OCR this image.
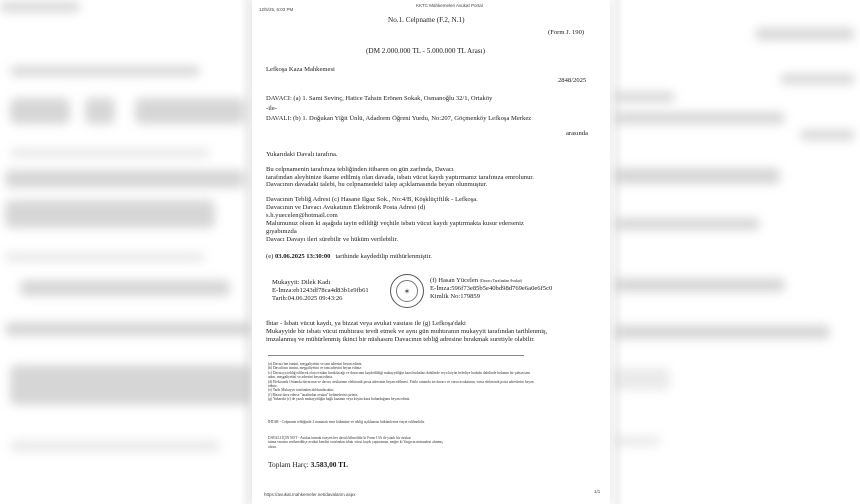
12/5/25, 6:03 PM
KKTC Mahkemeleri Avukat Portal
No.1. Celpname (F.2, N.1)
(Form J. 190)
(DM 2.000.000 TL - 5.000.000 TL Arası)
Lefkoşa Kaza Mahkemesi
2848/2025
DAVACI: (a) 1. Sami Sevinç, Hatice Tahsin Erönen Sokak, Osmanoğlu 32/1, Ortaköy
-ile-
DAVALI: (b) 1. Doğukan Yiğit Ünlü, Adadorm Öğreni Yurdu, No:207, Göçmenköy Lefkoşa Merkez
arasında
Yukarıdaki Davalı tarafına.
Bu celpnamenin tarafınıza tebliğinden itibaren on gün zarfında, Davacı
tarafından aleyhinize ikame edilmiş olan davada, isbatı vücut kaydı yaptırmanız tarafınıza emrolunur.
Davacının davadaki talebi, bu celpnamedeki talep açıklamasında beyan olunmuştur.
Davacının Tebliğ Adresi (c) Hasane Ilgaz Sok., No:4/B, Köşklüçiftlik - Lefkoşa.
Davacının ve Davacı Avukatının Elektronik Posta Adresi (d)
s.h.yuecelen@hotmail.com
Malumunuz olsun ki aşağıda tayin edildiği veçhile isbatı vücut kaydı yaptırmakta kusur ederseniz
gıyabınızda
Davacı Davayı ileri sürebilir ve hüküm verilebilir.
(e) 03.06.2025 13:30:00 tarihinde kaydedilip mühürlenmiştir.
Mukayyit: Dilek Kadı
E-İmza:eb1243df78ca4d83b1e9fb61
Tarih:04.06.2025 09:43:26
✶
(f) Hasan Yücelen (Davacı Tarafından Avukat)
E-İmza:596f73e85b5e40bd98d769e6a0e6f5c0
Kimlik No:179859
İhtar - İsbatı vücut kaydı, ya bizzat veya avukat vasıtası ile (g) Lefkoşa'daki
Mukayyide bir isbatı vücut muhtırası tevdi etmek ve aynı gün muhtıranın mukayyit tarafından tarihlenmiş,
imzalanmış ve mühürlenmiş ikinci bir nüshasını Davacının tebliğ adresine bırakmak suretiyle olabilir.
(a) Davacı'nın ismini, meşgaliyetini ve tam adresini beyan ediniz.
(b) Davalı'nın ismini, meşgaliyetini ve tam adresini beyan ediniz.
(c) Davacıya tebliğ edilecek olan evrakın bırakılacağı ve davacının kaydedildiği mukayyitliğin kaza hudutları dahilinde veya köyün belediye hududu dahilinde bulunan bir şahsın tam adını, meşgaliyetini ve adresini beyan ediniz.
(d) Elektronik Ortamda davacının ve davacı avukatının elektronik posta adresinin beyan edilmesi. Fiziki ortamda ise davacı ve varsa avukatının, varsa elektronik posta adreslerini beyan ediniz.
(e) Tarih Mukayyit tarafından doldurulacaktır.
(f) Bizzat dava ederse "tarafından avukat" kelimelerini çiziniz.
(g) Yukarıda (c) de yazılı mukayyitliğin bağlı kazanın veya köyün kaza bulunduğunu beyan ediniz.
İHTAR - Celpname tebliğinde 2 numaralı emir hükmüne ve tebliğ açıklaması hükümlerine riayet edilmelidir.
DAVALI İÇİN NOT - Avukat tutmak isteyen her davalı bilmelidir ki Form 13A ile yazılı bir avukat
tutma vasıtası verilmedikçe avukat kendisi tarafından isbatı vücut kaydı yaptıramaz, meğer ki Yargıcın müsaadesi alınmış
olsun.
Toplam Harç: 3.583,00 TL
https://avukat.mahkemeler.net/davalarim.aspx
1/1
